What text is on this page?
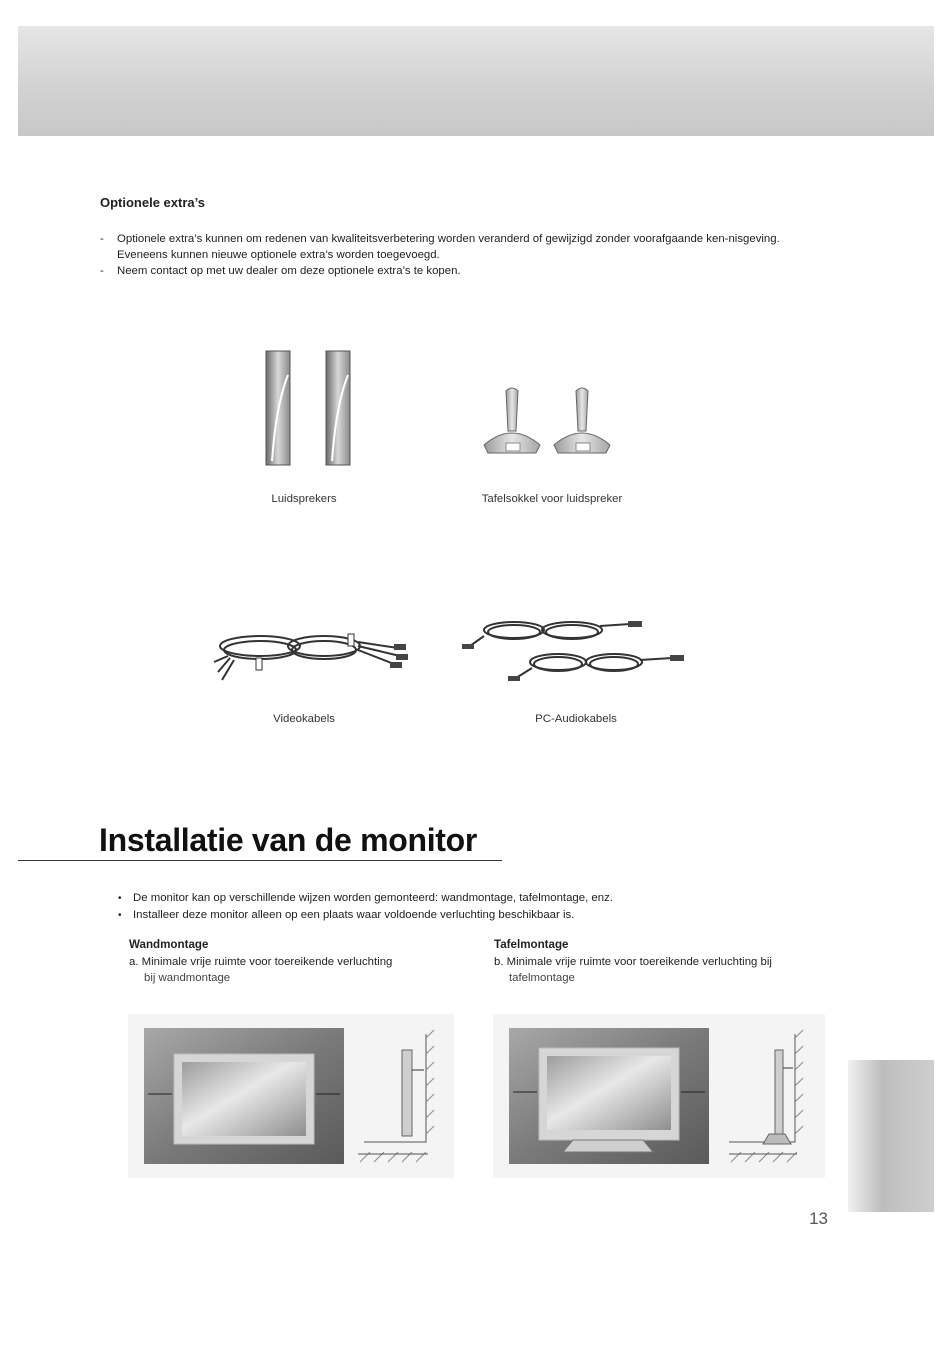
Optionele extra’s
- Optionele extra’s kunnen om redenen van kwaliteitsverbetering worden veranderd of gewijzigd zonder voorafgaande ken-nisgeving. Eveneens kunnen nieuwe optionele extra’s worden toegevoegd.
- Neem contact op met uw dealer om deze optionele extra’s te kopen.
Luidsprekers	Tafelsokkel voor luidspreker
Videokabels	PC-Audiokabels
Installatie van de monitor
• De monitor kan op verschillende wijzen worden gemonteerd: wandmontage, tafelmontage, enz.
• Installeer deze monitor alleen op een plaats waar voldoende verluchting beschikbaar is.
Wandmontage
a. Minimale vrije ruimte voor toereikende verluchting
bij wandmontage
Tafelmontage
b. Minimale vrije ruimte voor toereikende verluchting bij
tafelmontage
13
